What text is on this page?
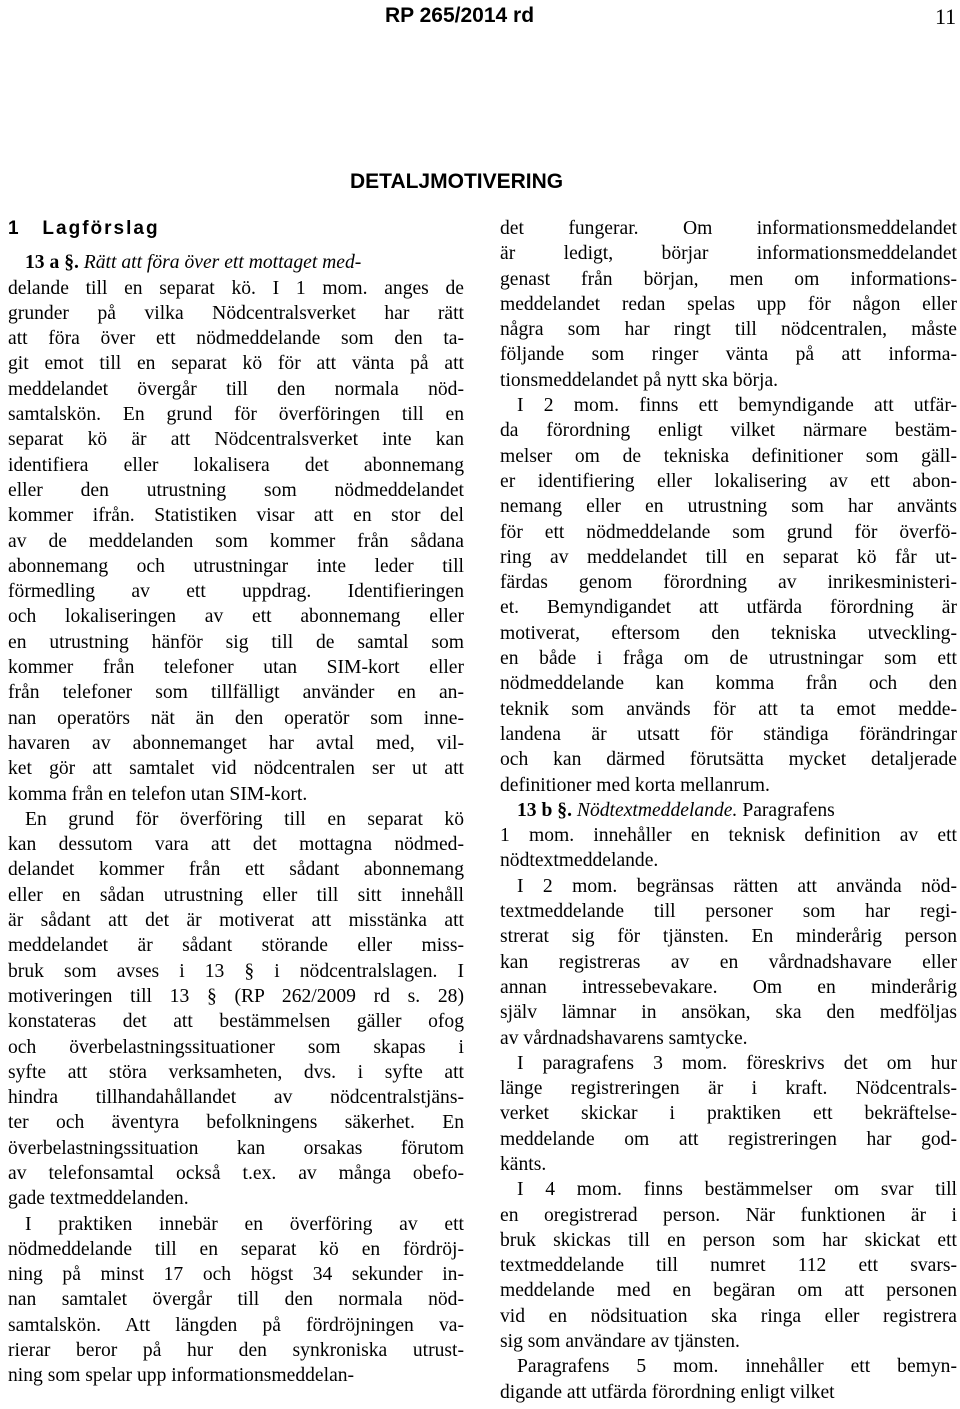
RP 265/2014 rd	11
DETALJMOTIVERING
1 Lagförslag
13 a §. Rätt att föra över ett mottaget med-
delande till en separat kö. I 1 mom. anges de
grunder på vilka Nödcentralsverket har rätt
att föra över ett nödmeddelande som den ta-
git emot till en separat kö för att vänta på att
meddelandet övergår till den normala nöd-
samtalskön. En grund för överföringen till en
separat kö är att Nödcentralsverket inte kan
identifiera eller lokalisera det abonnemang
eller den utrustning som nödmeddelandet
kommer ifrån. Statistiken visar att en stor del
av de meddelanden som kommer från sådana
abonnemang och utrustningar inte leder till
förmedling av ett uppdrag. Identifieringen
och lokaliseringen av ett abonnemang eller
en utrustning hänför sig till de samtal som
kommer från telefoner utan SIM-kort eller
från telefoner som tillfälligt använder en an-
nan operatörs nät än den operatör som inne-
havaren av abonnemanget har avtal med, vil-
ket gör att samtalet vid nödcentralen ser ut att
komma från en telefon utan SIM-kort.
En grund för överföring till en separat kö
kan dessutom vara att det mottagna nödmed-
delandet kommer från ett sådant abonnemang
eller en sådan utrustning eller till sitt innehåll
är sådant att det är motiverat att misstänka att
meddelandet är sådant störande eller miss-
bruk som avses i 13 § i nödcentralslagen. I
motiveringen till 13 § (RP 262/2009 rd s. 28)
konstateras det att bestämmelsen gäller ofog
och överbelastningssituationer som skapas i
syfte att störa verksamheten, dvs. i syfte att
hindra tillhandahållandet av nödcentralstjäns-
ter och äventyra befolkningens säkerhet. En
överbelastningssituation kan orsakas förutom
av telefonsamtal också t.ex. av många obefo-
gade textmeddelanden.
I praktiken innebär en överföring av ett
nödmeddelande till en separat kö en fördröj-
ning på minst 17 och högst 34 sekunder in-
nan samtalet övergår till den normala nöd-
samtalskön. Att längden på fördröjningen va-
rierar beror på hur den synkroniska utrust-
ning som spelar upp informationsmeddelan-
det fungerar. Om informationsmeddelandet
är ledigt, börjar informationsmeddelandet
genast från början, men om informations-
meddelandet redan spelas upp för någon eller
några som har ringt till nödcentralen, måste
följande som ringer vänta på att informa-
tionsmeddelandet på nytt ska börja.
I 2 mom. finns ett bemyndigande att utfär-
da förordning enligt vilket närmare bestäm-
melser om de tekniska definitioner som gäll-
er identifiering eller lokalisering av ett abon-
nemang eller en utrustning som har använts
för ett nödmeddelande som grund för överfö-
ring av meddelandet till en separat kö får ut-
färdas genom förordning av inrikesministeri-
et. Bemyndigandet att utfärda förordning är
motiverat, eftersom den tekniska utveckling-
en både i fråga om de utrustningar som ett
nödmeddelande kan komma från och den
teknik som används för att ta emot medde-
landena är utsatt för ständiga förändringar
och kan därmed förutsätta mycket detaljerade
definitioner med korta mellanrum.
13 b §. Nödtextmeddelande. Paragrafens
1 mom. innehåller en teknisk definition av ett
nödtextmeddelande.
I 2 mom. begränsas rätten att använda nöd-
textmeddelande till personer som har regi-
strerat sig för tjänsten. En minderårig person
kan registreras av en vårdnadshavare eller
annan intressebevakare. Om en minderårig
själv lämnar in ansökan, ska den medföljas
av vårdnadshavarens samtycke.
I paragrafens 3 mom. föreskrivs det om hur
länge registreringen är i kraft. Nödcentrals-
verket skickar i praktiken ett bekräftelse-
meddelande om att registreringen har god-
känts.
I 4 mom. finns bestämmelser om svar till
en oregistrerad person. När funktionen är i
bruk skickas till en person som har skickat ett
textmeddelande till numret 112 ett svars-
meddelande med en begäran om att personen
vid en nödsituation ska ringa eller registrera
sig som användare av tjänsten.
Paragrafens 5 mom. innehåller ett bemyn-
digande att utfärda förordning enligt vilket
